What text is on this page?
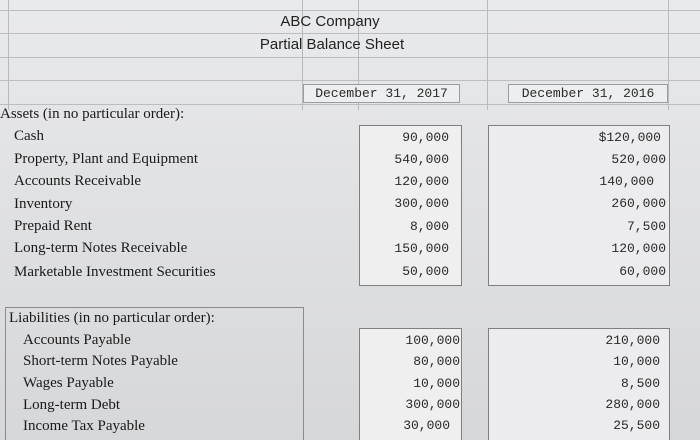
ABC Company
Partial Balance Sheet
December 31, 2017	December 31, 2016
Assets (in no particular order):
Cash	90,000	$120,000
Property, Plant and Equipment	540,000	520,000
Accounts Receivable	120,000	140,000
Inventory	300,000	260,000
Prepaid Rent	8,000	7,500
Long-term Notes Receivable	150,000	120,000
Marketable Investment Securities	50,000	60,000
Liabilities (in no particular order):
Accounts Payable	100,000	210,000
Short-term Notes Payable	80,000	10,000
Wages Payable	10,000	8,500
Long-term Debt	300,000	280,000
Income Tax Payable	30,000	25,500
